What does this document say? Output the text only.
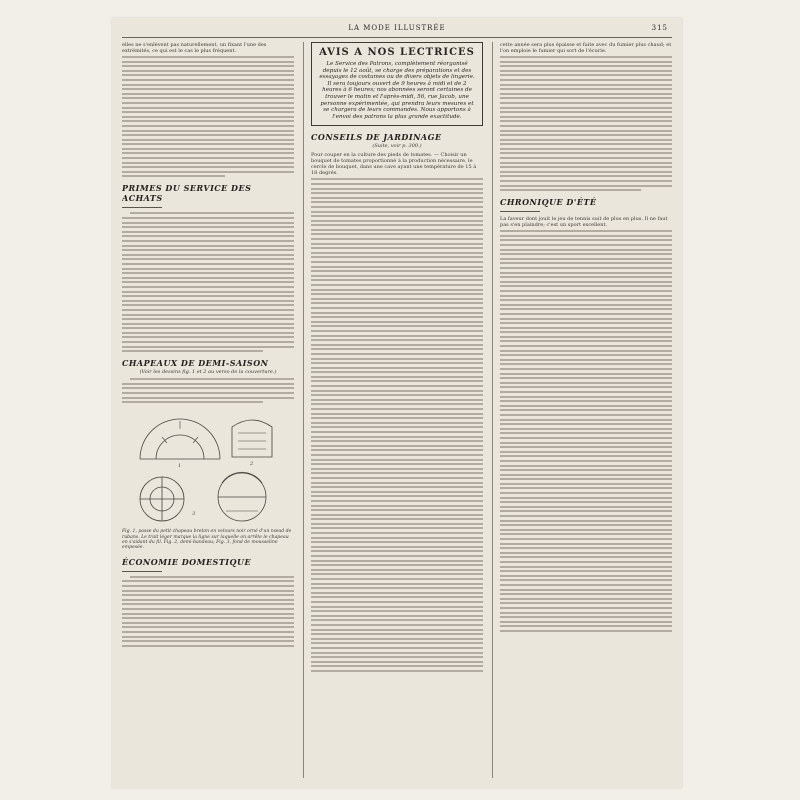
LA MODE ILLUSTRÉE	315
elles ne s'enlèvent pas naturellement, un fixant l'une des extrémités, ce qui est le cas le plus fréquent.
PRIMES DU SERVICE DES ACHATS
CHAPEAUX DE DEMI-SAISON
(Voir les dessins fig. 1 et 2 au verso de la couverture.)
1	2
3
Fig. 1, passe du petit chapeau breton en velours noir orné d'un nœud de rubans. Le trait léger marque la ligne sur laquelle on arrête le chapeau en s'aidant du fil. Fig. 2, demi-bandeau; Fig. 3, fond de mousseline empesée.
ÉCONOMIE DOMESTIQUE
AVIS A NOS LECTRICES
Le Service des Patrons, complètement réorganisé depuis le 12 août, se charge des préparations et des essayages de costumes ou de divers objets de lingerie. Il sera toujours ouvert de 9 heures à midi et de 2 heures à 6 heures; nos abonnées seront certaines de trouver le matin et l'après-midi, 56, rue Jacob, une personne expérimentée, qui prendra leurs mesures et se chargera de leurs commandes. Nous apportons à l'envoi des patrons la plus grande exactitude.
CONSEILS DE JARDINAGE
(Suite, voir p. 300.)
Pour couper en la culture des pieds de tomates. — Choisir un bouquet de tomates proportionné à la production nécessaire, le cercle de bouquet, dans une cave ayant une température de 15 à 18 degrés.
cette année sera plus épaisse et faite avec du fumier plus chaud; et l'on emploie le fumier qui sort de l'écurie.
CHRONIQUE D'ÉTÉ
La faveur dont jouit le jeu de tennis suit de plus en plus. Il ne faut pas s'en plaindre; c'est un sport excellent.
